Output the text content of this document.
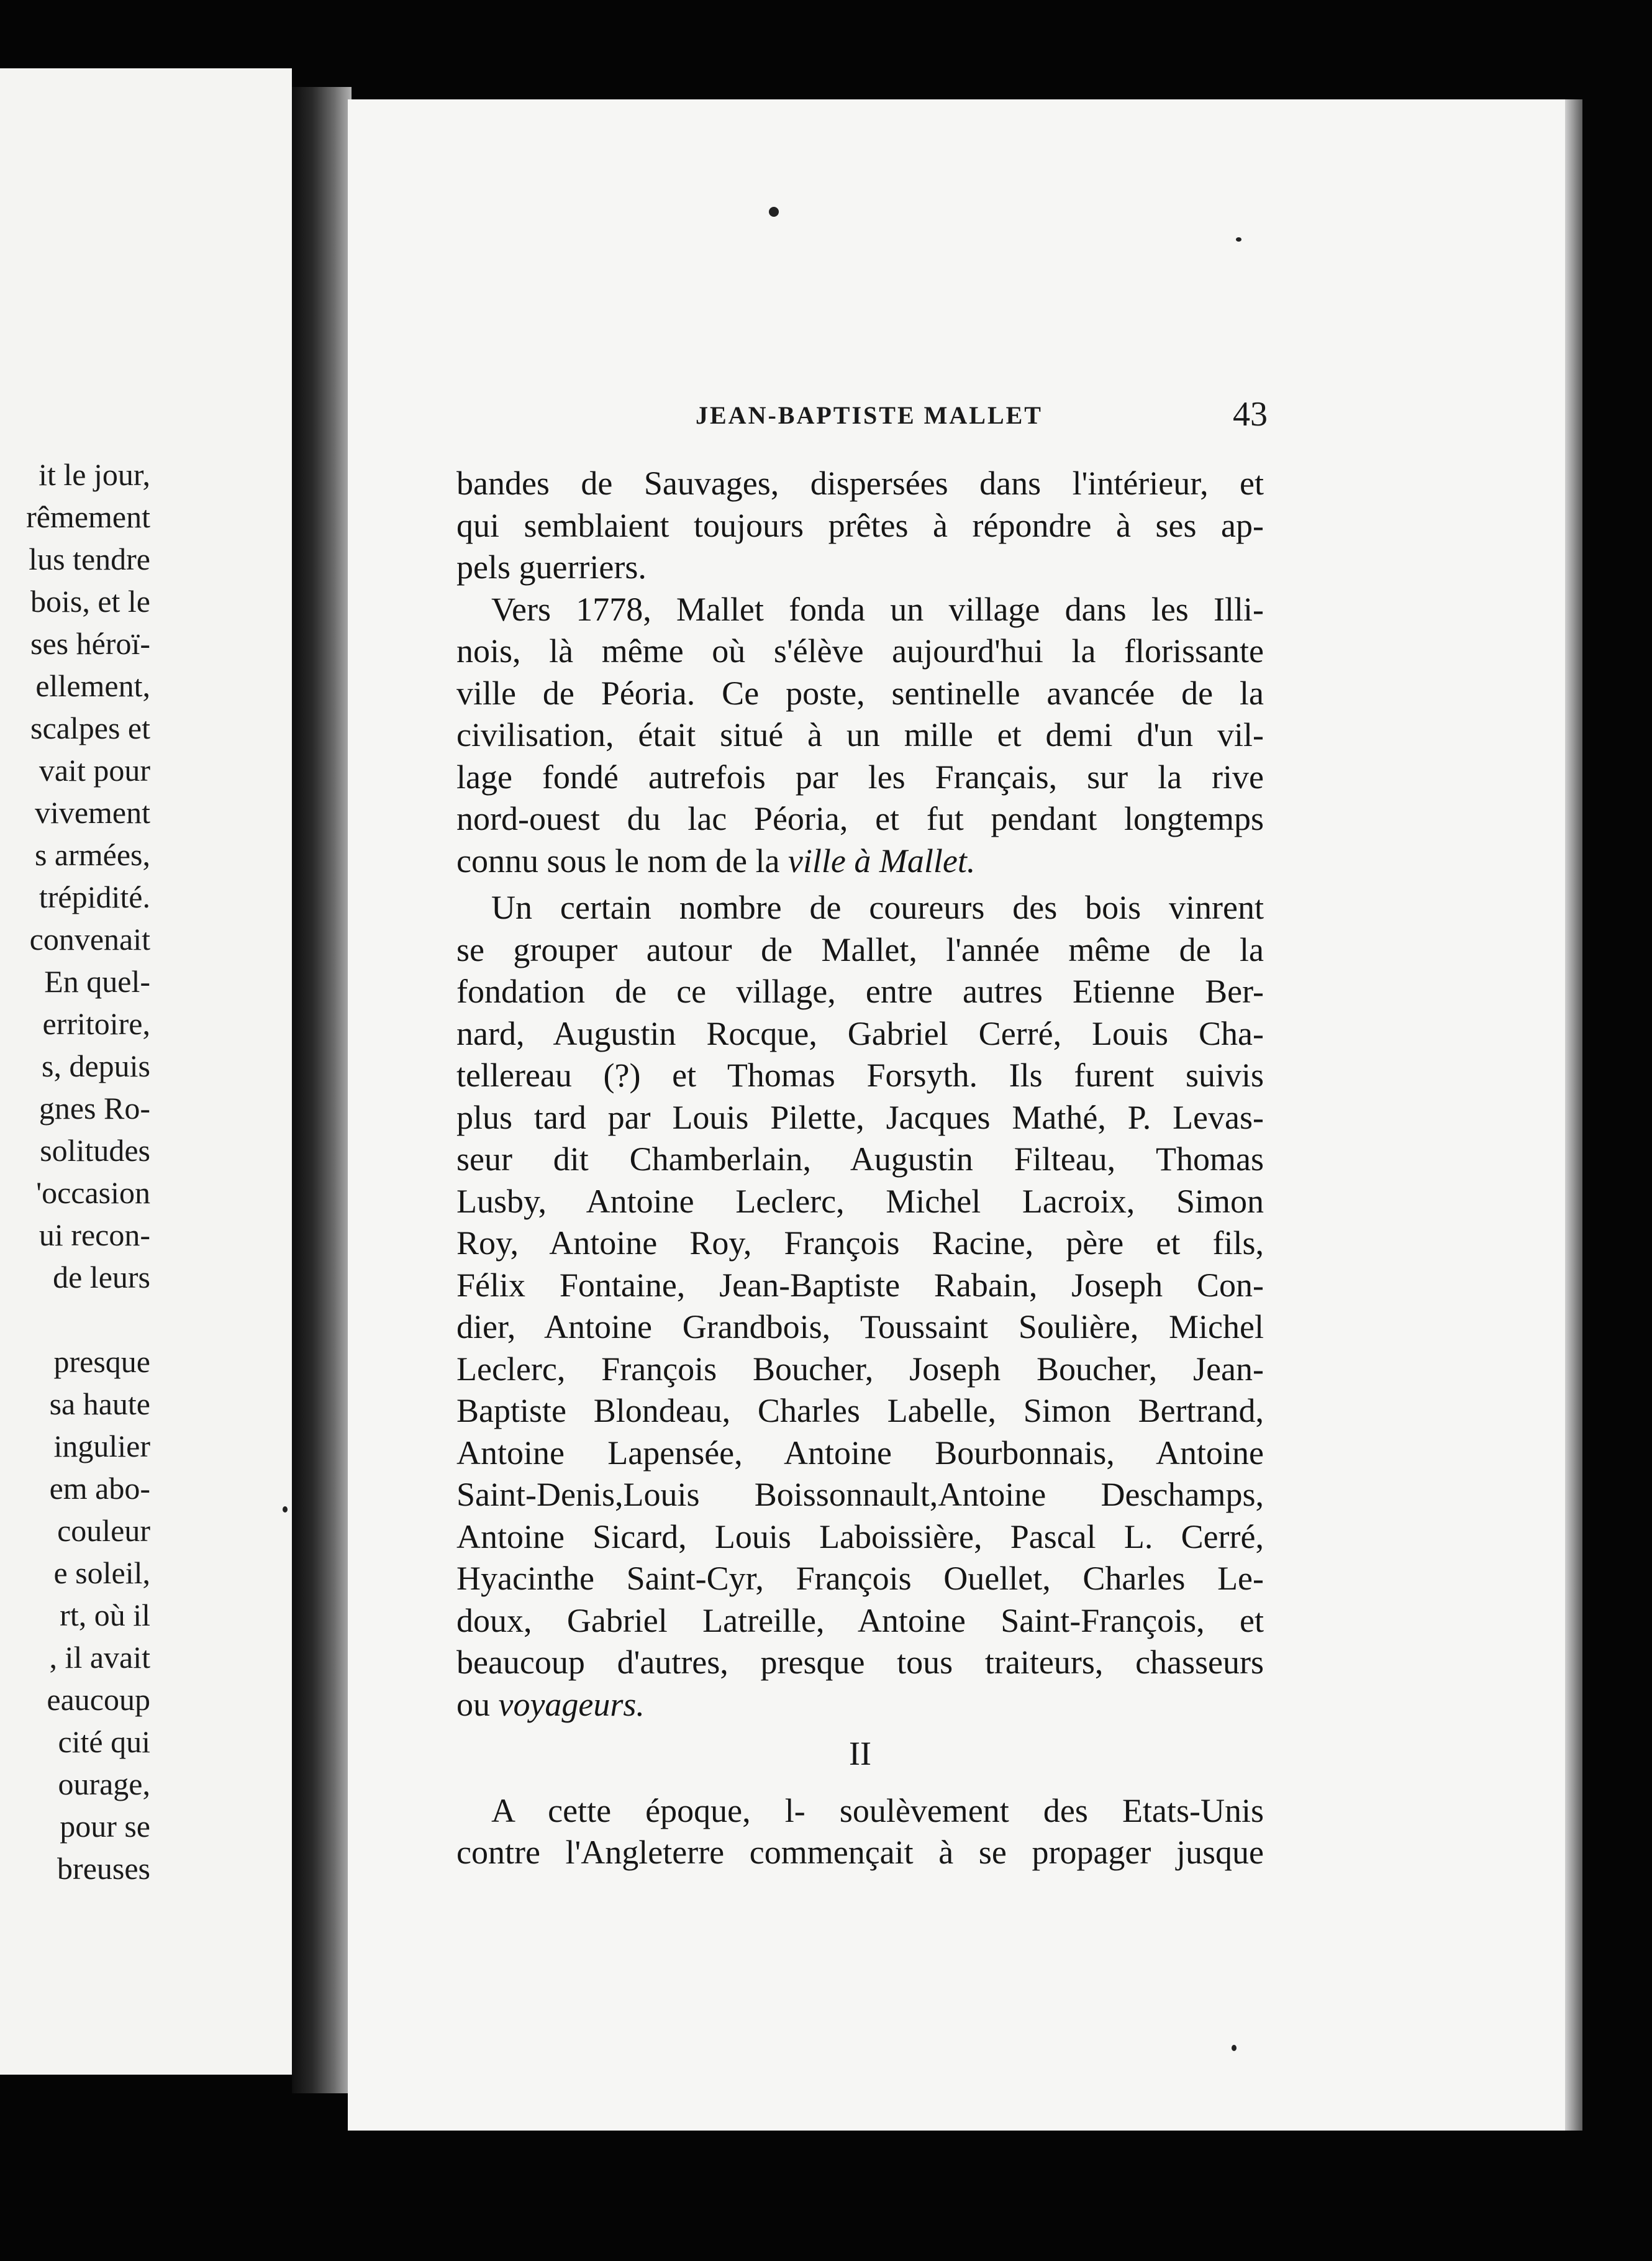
it le jour,
rêmement
lus tendre
bois, et le
ses héroï-
ellement,
scalpes et
vait pour
vivement
s armées,
trépidité.
convenait
En quel-
erritoire,
s, depuis
gnes Ro-
solitudes
'occasion
ui recon-
de leurs
presque
sa haute
ingulier
em abo-
couleur
e soleil,
rt, où il
, il avait
eaucoup
cité qui
ourage,
pour se
breuses
JEAN-BAPTISTE MALLET	43
bandes de Sauvages, dispersées dans l'intérieur, et
qui semblaient toujours prêtes à répondre à ses ap-
pels guerriers.
Vers 1778, Mallet fonda un village dans les Illi-
nois, là même où s'élève aujourd'hui la florissante
ville de Péoria. Ce poste, sentinelle avancée de la
civilisation, était situé à un mille et demi d'un vil-
lage fondé autrefois par les Français, sur la rive
nord-ouest du lac Péoria, et fut pendant longtemps
connu sous le nom de la ville à Mallet.
Un certain nombre de coureurs des bois vinrent
se grouper autour de Mallet, l'année même de la
fondation de ce village, entre autres Etienne Ber-
nard, Augustin Rocque, Gabriel Cerré, Louis Cha-
tellereau (?) et Thomas Forsyth. Ils furent suivis
plus tard par Louis Pilette, Jacques Mathé, P. Levas-
seur dit Chamberlain, Augustin Filteau, Thomas
Lusby, Antoine Leclerc, Michel Lacroix, Simon
Roy, Antoine Roy, François Racine, père et fils,
Félix Fontaine, Jean-Baptiste Rabain, Joseph Con-
dier, Antoine Grandbois, Toussaint Soulière, Michel
Leclerc, François Boucher, Joseph Boucher, Jean-
Baptiste Blondeau, Charles Labelle, Simon Bertrand,
Antoine Lapensée, Antoine Bourbonnais, Antoine
Saint-Denis,Louis Boissonnault,Antoine Deschamps,
Antoine Sicard, Louis Laboissière, Pascal L. Cerré,
Hyacinthe Saint-Cyr, François Ouellet, Charles Le-
doux, Gabriel Latreille, Antoine Saint-François, et
beaucoup d'autres, presque tous traiteurs, chasseurs
ou voyageurs.
II
A cette époque, l- soulèvement des Etats-Unis
contre l'Angleterre commençait à se propager jusque
